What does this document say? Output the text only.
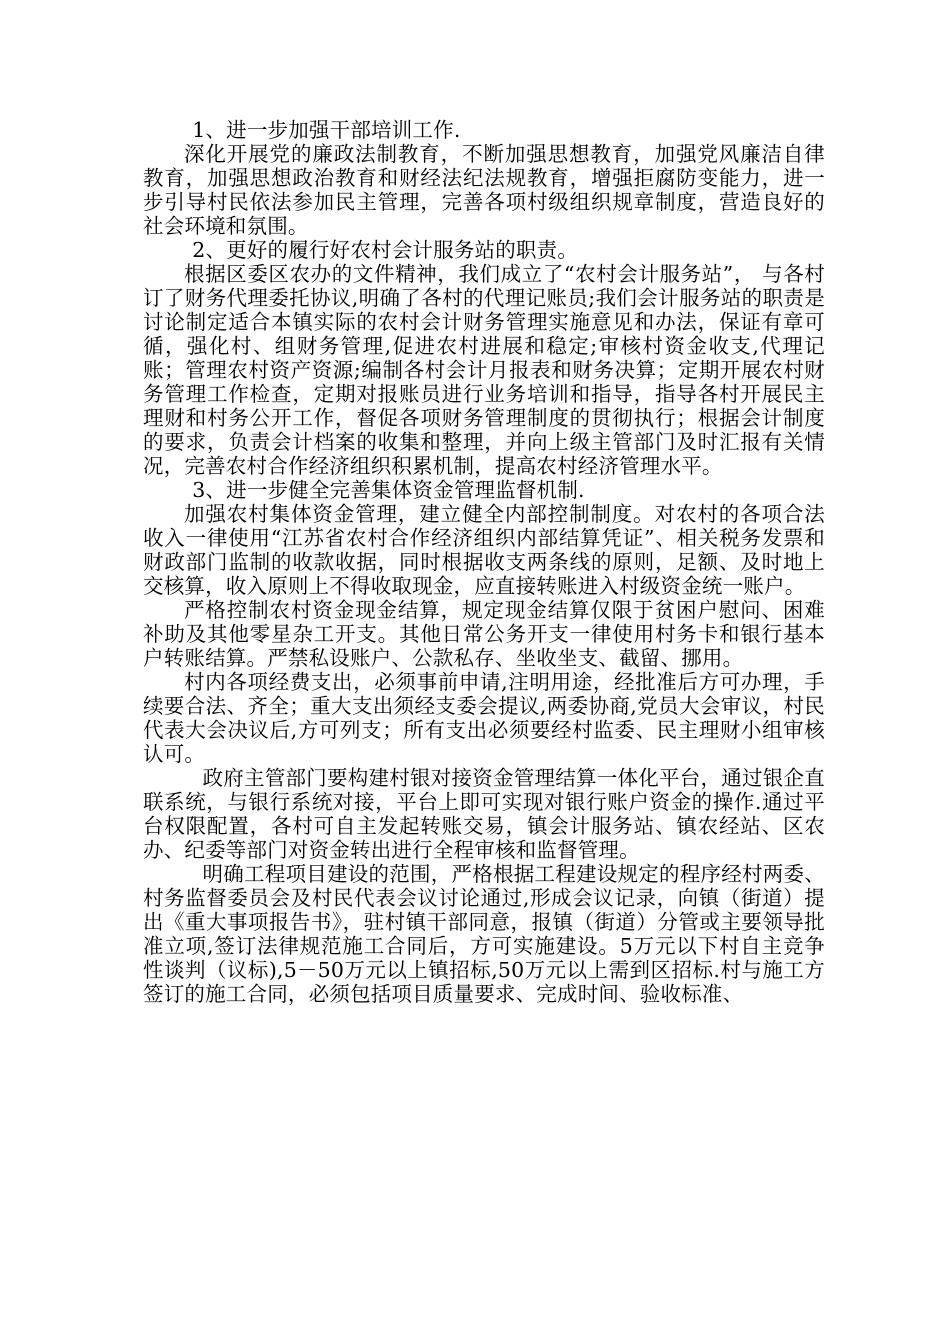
1、进一步加强干部培训工作.

深化开展党的廉政法制教育，不断加强思想教育，加强党风廉洁自律教育，加强思想政治教育和财经法纪法规教育，增强拒腐防变能力，进一步引导村民依法参加民主管理，完善各项村级组织规章制度，营造良好的社会环境和氛围。

2、更好的履行好农村会计服务站的职责。

根据区委区农办的文件精神，我们成立了“农村会计服务站”， 与各村订了财务代理委托协议,明确了各村的代理记账员;我们会计服务站的职责是讨论制定适合本镇实际的农村会计财务管理实施意见和办法，保证有章可循，强化村、组财务管理,促进农村进展和稳定;审核村资金收支,代理记账；管理农村资产资源;编制各村会计月报表和财务决算；定期开展农村财务管理工作检查，定期对报账员进行业务培训和指导，指导各村开展民主理财和村务公开工作，督促各项财务管理制度的贯彻执行；根据会计制度的要求，负责会计档案的收集和整理，并向上级主管部门及时汇报有关情况，完善农村合作经济组织积累机制，提高农村经济管理水平。

3、进一步健全完善集体资金管理监督机制.

加强农村集体资金管理，建立健全内部控制制度。对农村的各项合法收入一律使用“江苏省农村合作经济组织内部结算凭证”、相关税务发票和财政部门监制的收款收据，同时根据收支两条线的原则，足额、及时地上交核算，收入原则上不得收取现金，应直接转账进入村级资金统一账户。

严格控制农村资金现金结算，规定现金结算仅限于贫困户慰问、困难补助及其他零星杂工开支。其他日常公务开支一律使用村务卡和银行基本户转账结算。严禁私设账户、公款私存、坐收坐支、截留、挪用。

村内各项经费支出，必须事前申请,注明用途，经批准后方可办理，手续要合法、齐全；重大支出须经支委会提议,两委协商,党员大会审议，村民代表大会决议后,方可列支；所有支出必须要经村监委、民主理财小组审核认可。

政府主管部门要构建村银对接资金管理结算一体化平台，通过银企直联系统，与银行系统对接，平台上即可实现对银行账户资金的操作.通过平台权限配置，各村可自主发起转账交易，镇会计服务站、镇农经站、区农办、纪委等部门对资金转出进行全程审核和监督管理。

明确工程项目建设的范围，严格根据工程建设规定的程序经村两委、村务监督委员会及村民代表会议讨论通过,形成会议记录，向镇（街道）提出《重大事项报告书》，驻村镇干部同意，报镇（街道）分管或主要领导批准立项,签订法律规范施工合同后，方可实施建设。5万元以下村自主竞争性谈判（议标),5－50万元以上镇招标,50万元以上需到区招标.村与施工方签订的施工合同，必须包括项目质量要求、完成时间、验收标准、
